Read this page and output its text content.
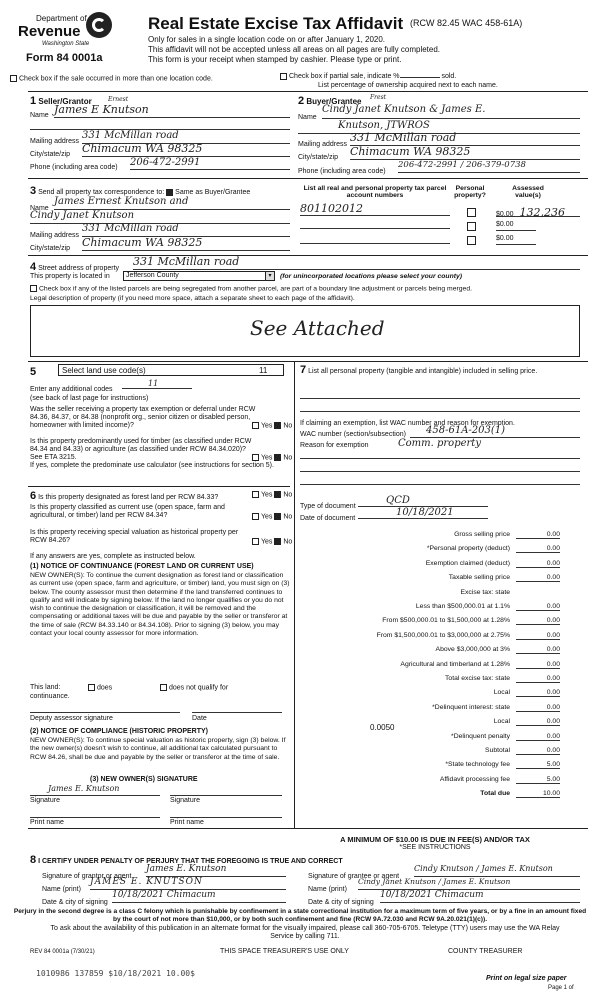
Department of
Revenue
Washington State
Form 84 0001a
Real Estate Excise Tax Affidavit (RCW 82.45 WAC 458-61A)
Only for sales in a single location code on or after January 1, 2020.
This affidavit will not be accepted unless all areas on all pages are fully completed.
This form is your receipt when stamped by cashier. Please type or print.
Check box if the sale occurred in more than one location code.	Check box if partial sale, indicate %	sold.
List percentage of ownership acquired next to each name.
1 Seller/Grantor	Ernest
Name James E Knutson
Mailing address
331 McMillan road
City/state/zip Chimacum WA 98325
Phone (including area code) 206-472-2991
2 Buyer/Grantee Frest
Name
Cindy Janet Knutson & James E.
Knutson, JTWROS
Mailing address
331 McMillan road
City/state/zip Chimacum WA 98325
Phone (including area code)
206-472-2991 / 206-379-0738
3 Send all property tax correspondence to: Same as Buyer/Grantee
Name
James Ernest Knutson and
Cindy Janet Knutson
Mailing address
331 McMillan road
City/state/zip Chimacum WA 98325
List all real and personal property tax parcel account numbers
Personal property?
Assessed value(s)
801102012	$0.00 132,236
$0.00
$0.00
4 Street address of property
331 McMillan road
This property is located in	Jefferson County	▾	(for unincorporated locations please select your county)
Check box if any of the listed parcels are being segregated from another parcel, are part of a boundary line adjustment or parcels being merged.
Legal description of property (if you need more space, attach a separate sheet to each page of the affidavit).
See Attached
5	Select land use code(s)	11
Enter any additional codes
11
(see back of last page for instructions)
Was the seller receiving a property tax exemption or deferral under RCW 84.36, 84.37, or 84.38 (nonprofit org., senior citizen or disabled person, homeowner with limited income)?	Yes No
Is this property predominantly used for timber (as classified under RCW 84.34 and 84.33) or agriculture (as classified under RCW 84.34.020)? See ETA 3215.	Yes No
If yes, complete the predominate use calculator (see instructions for section 5).
6 Is this property designated as forest land per RCW 84.33?	Yes No
Is this property classified as current use (open space, farm and agricultural, or timber) land per RCW 84.34?	Yes No
Is this property receiving special valuation as historical property per RCW 84.26?	Yes No
If any answers are yes, complete as instructed below.
(1) NOTICE OF CONTINUANCE (FOREST LAND OR CURRENT USE)
NEW OWNER(S): To continue the current designation as forest land or classification as current use (open space, farm and agriculture, or timber) land, you must sign on (3) below. The county assessor must then determine if the land transferred continues to qualify and will indicate by signing below. If the land no longer qualifies or you do not wish to continue the designation or classification, it will be removed and the compensating or additional taxes will be due and payable by the seller or transferor at the time of sale (RCW 84.33.140 or 84.34.108). Prior to signing (3) below, you may contact your local county assessor for more information.
This land:	does	does not qualify for
continuance.
Deputy assessor signature	Date
(2) NOTICE OF COMPLIANCE (HISTORIC PROPERTY)
NEW OWNER(S): To continue special valuation as historic property, sign (3) below. If the new owner(s) doesn't wish to continue, all additional tax calculated pursuant to RCW 84.26, shall be due and payable by the seller or transferor at the time of sale.
(3) NEW OWNER(S) SIGNATURE
James E. Knutson
Signature	Signature
Print name	Print name
7 List all personal property (tangible and intangible) included in selling price.
If claiming an exemption, list WAC number and reason for exemption.
WAC number (section/subsection)	458-61A-203(1)
Reason for exemption	Comm. property
Type of document
QCD
Date of document
10/18/2021
0.0050
Gross selling price	0.00
*Personal property (deduct)	0.00
Exemption claimed (deduct)	0.00
Taxable selling price	0.00
Excise tax: state
Less than $500,000.01 at 1.1%	0.00
From $500,000.01 to $1,500,000 at 1.28%	0.00
From $1,500,000.01 to $3,000,000 at 2.75%	0.00
Above $3,000,000 at 3%	0.00
Agricultural and timberland at 1.28%	0.00
Total excise tax: state	0.00
Local	0.00
*Delinquent interest: state	0.00
Local	0.00
*Delinquent penalty	0.00
Subtotal	0.00
*State technology fee	5.00
Affidavit processing fee	5.00
Total due	10.00
A MINIMUM OF $10.00 IS DUE IN FEE(S) AND/OR TAX
*SEE INSTRUCTIONS
8 I CERTIFY UNDER PENALTY OF PERJURY THAT THE FOREGOING IS TRUE AND CORRECT
Signature of grantor or agent
James E. Knutson
Name (print)
JAMES E. KNUTSON
Date & city of signing
10/18/2021 Chimacum
Signature of grantee or agent
Cindy Knutson / James E. Knutson
Name (print)
Cindy Janet Knutson / James E. Knutson
Date & city of signing
10/18/2021 Chimacum
Perjury in the second degree is a class C felony which is punishable by confinement in a state correctional institution for a maximum term of five years, or by a fine in an amount fixed by the court of not more than $10,000, or by both such confinement and fine (RCW 9A.72.030 and RCW 9A.20.021(1)(c)).
To ask about the availability of this publication in an alternate format for the visually impaired, please call 360-705-6705. Teletype (TTY) users may use the WA Relay Service by calling 711.
REV 84 0001a (7/30/21)	THIS SPACE TREASURER'S USE ONLY	COUNTY TREASURER
1010986 137859 $10/18/2021 10.00$
Print on legal size paper
Page 1 of
